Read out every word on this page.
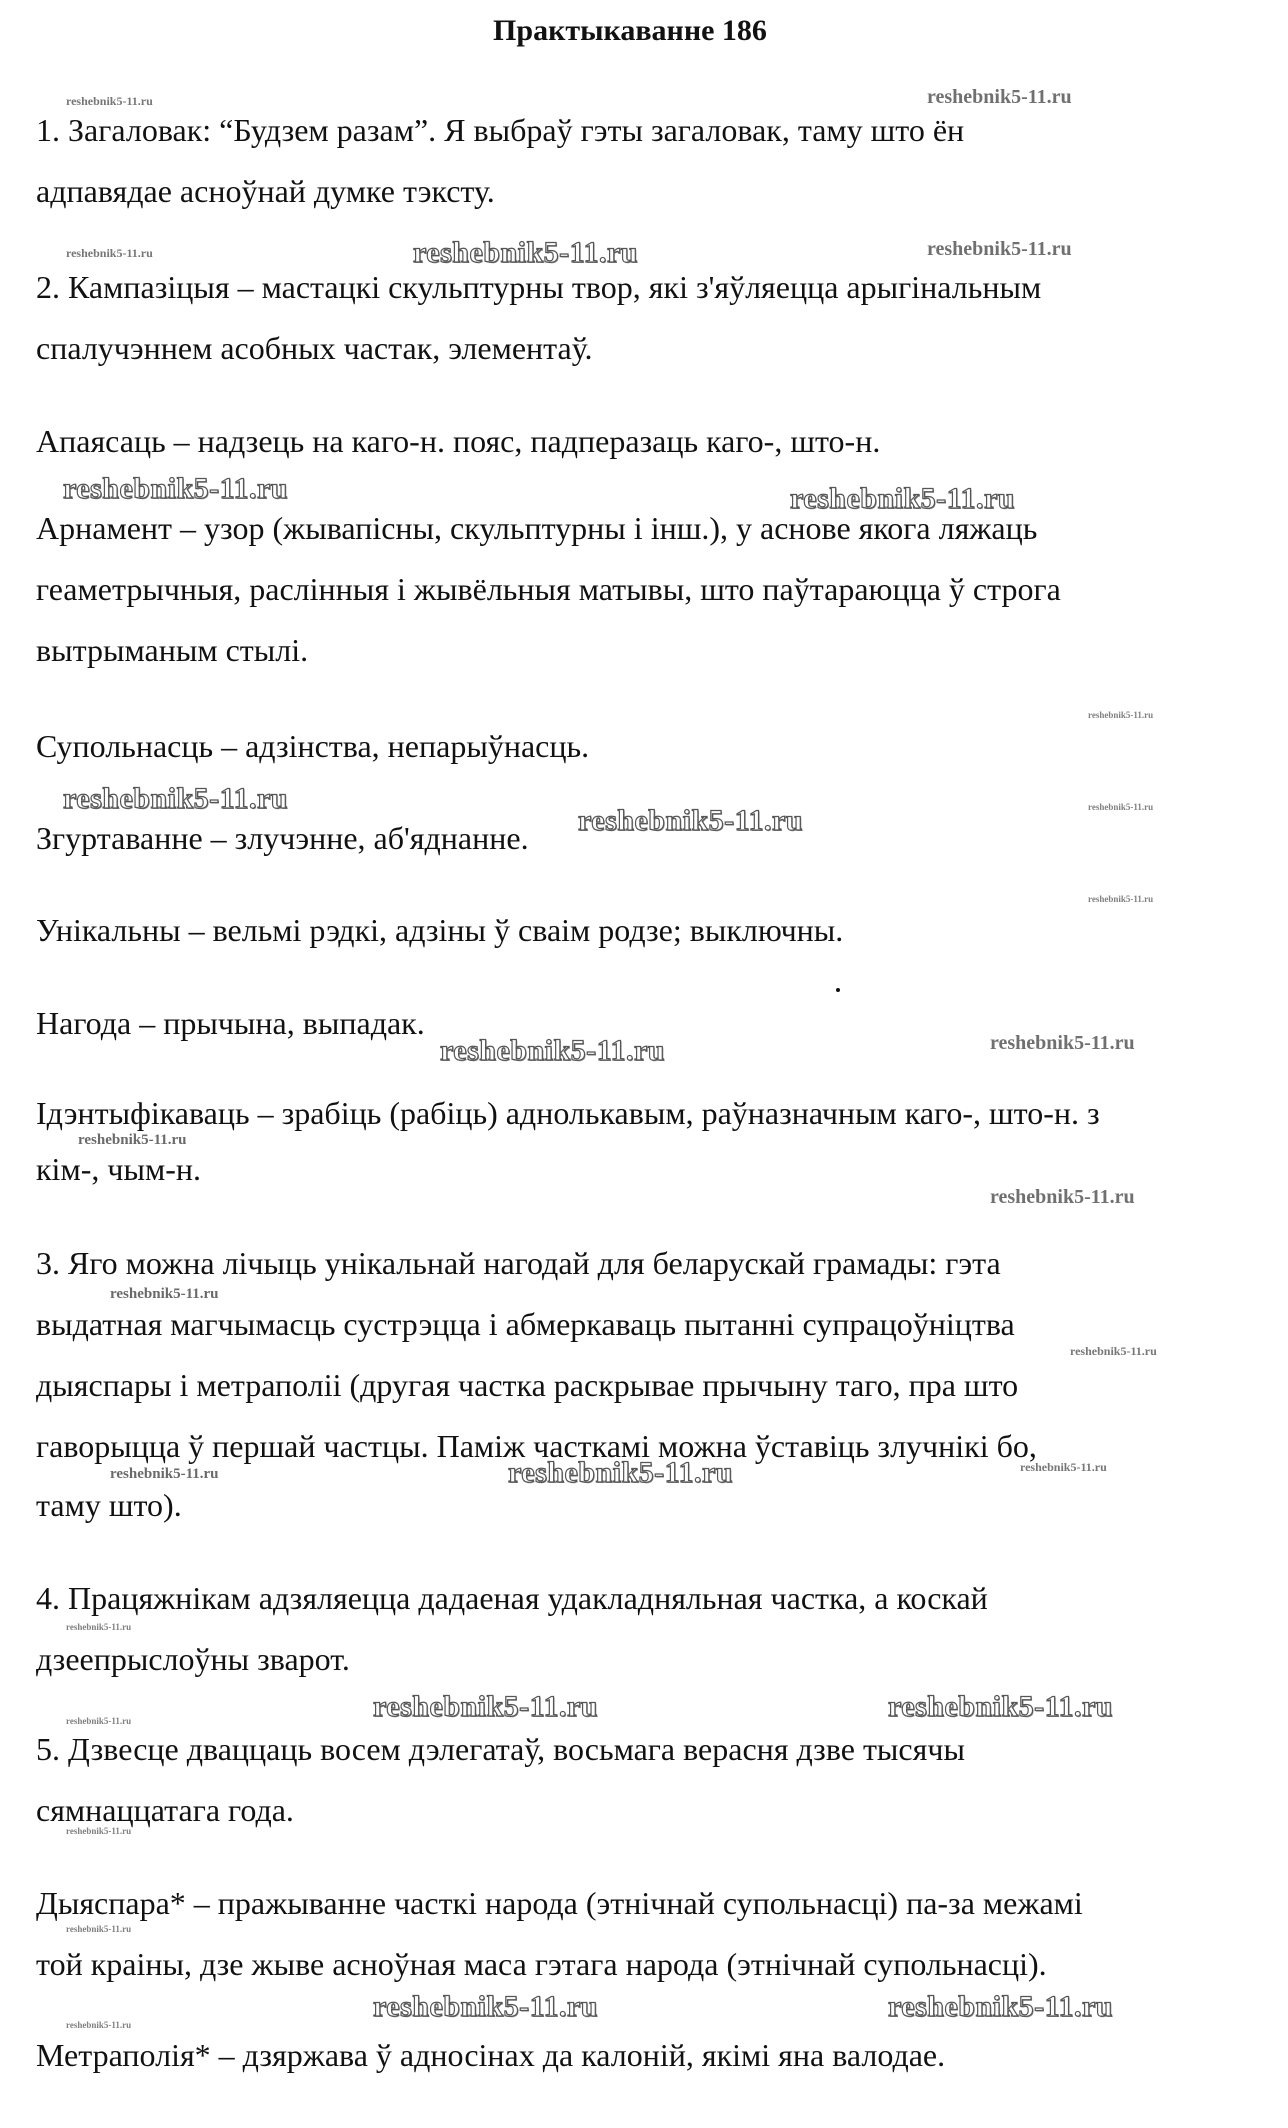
Практыкаванне 186
1. Загаловак: “Будзем разам”. Я выбраў гэты загаловак, таму што ён
адпавядае асноўнай думке тэксту.
2. Кампазіцыя – мастацкі скульптурны твор, які з'яўляецца арыгінальным
спалучэннем асобных частак, элементаў.
Апаясаць – надзець на каго-н. пояс, падперазаць каго-, што-н.
Арнамент – узор (жывапісны, скульптурны і інш.), у аснове якога ляжаць
геаметрычныя, раслінныя і жывёльныя матывы, што паўтараюцца ў строга
вытрыманым стылі.
Супольнасць – адзінства, непарыўнасць.
Згуртаванне – злучэнне, аб'яднанне.
Унікальны – вельмі рэдкі, адзіны ў сваім родзе; выключны.
Нагода – прычына, выпадак.
Ідэнтыфікаваць – зрабіць (рабіць) аднолькавым, раўназначным каго-, што-н. з
кім-, чым-н.
3. Яго можна лічыць унікальнай нагодай для беларускай грамады: гэта
выдатная магчымасць сустрэцца і абмеркаваць пытанні супрацоўніцтва
дыяспары і метраполіі (другая частка раскрывае прычыну таго, пра што
гаворыцца ў першай частцы. Паміж часткамі можна ўставіць злучнікі бо,
таму што).
4. Працяжнікам адзяляецца дадаеная удакладняльная частка, а коскай
дзеепрыслоўны зварот.
5. Дзвесце дваццаць восем дэлегатаў, восьмага верасня дзве тысячы
сямнаццатага года.
Дыяспара* – пражыванне часткі народа (этнічнай супольнасці) па-за межамі
той краіны, дзе жыве асноўная маса гэтага народа (этнічнай супольнасці).
Метраполія* – дзяржава ў адносінах да калоній, якімі яна валодае.
reshebnik5-11.ru	reshebnik5-11.ru
reshebnik5-11.ru	reshebnik5-11.ru	reshebnik5-11.ru
reshebnik5-11.ru	reshebnik5-11.ru
reshebnik5-11.ru
reshebnik5-11.ru
reshebnik5-11.ru	reshebnik5-11.ru
reshebnik5-11.ru
reshebnik5-11.ru	reshebnik5-11.ru
reshebnik5-11.ru
reshebnik5-11.ru
reshebnik5-11.ru
reshebnik5-11.ru
reshebnik5-11.ru	reshebnik5-11.ru	reshebnik5-11.ru
reshebnik5-11.ru
reshebnik5-11.ru	reshebnik5-11.ru	reshebnik5-11.ru
reshebnik5-11.ru
reshebnik5-11.ru
reshebnik5-11.ru	reshebnik5-11.ru
reshebnik5-11.ru
